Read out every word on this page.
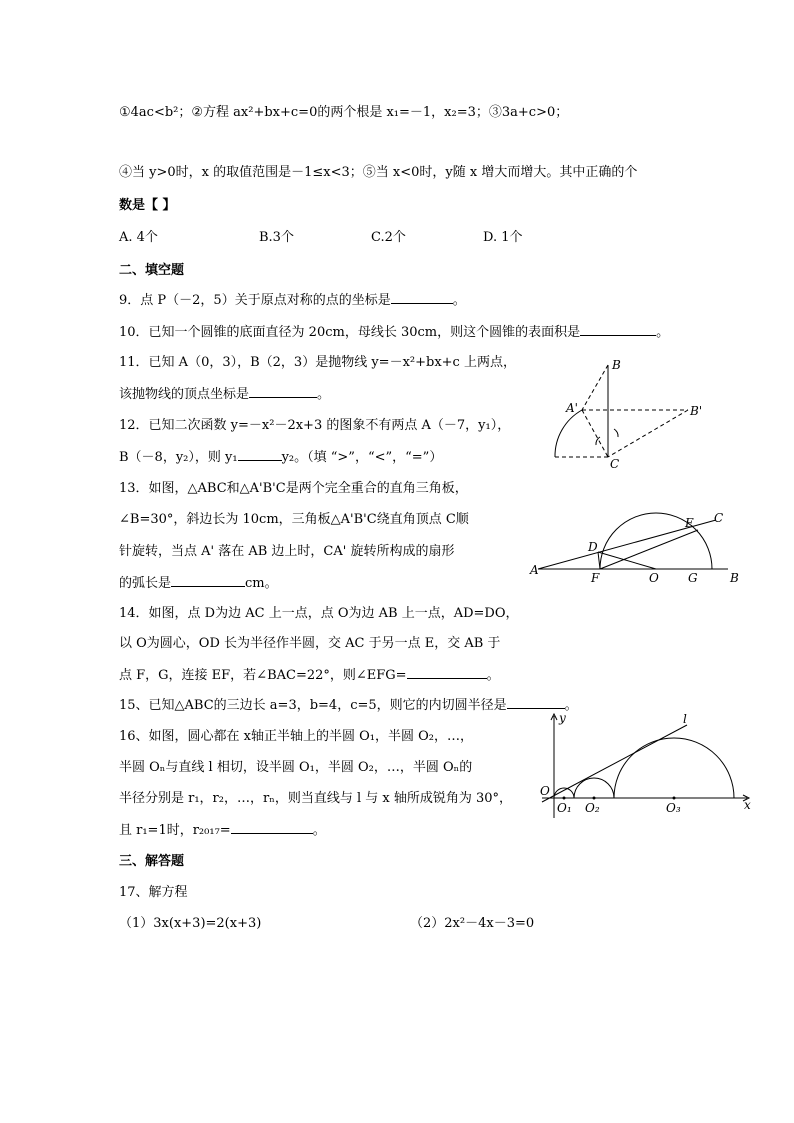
①4ac<b²；②方程 ax²+bx+c=0的两个根是 x₁=－1，x₂=3；③3a+c>0；
④当 y>0时，x 的取值范围是－1≤x<3；⑤当 x<0时，y随 x 增大而增大。其中正确的个
数是【 】
A. 4个	B.3个	C.2个	D. 1个
二、填空题
9．点 P（－2，5）关于原点对称的点的坐标是	。
10．已知一个圆锥的底面直径为 20cm，母线长 30cm，则这个圆锥的表面积是	。
11．已知 A（0，3），B（2，3）是抛物线 y=－x²+bx+c 上两点，
该抛物线的顶点坐标是	。
12．已知二次函数 y=－x²－2x+3 的图象不有两点 A（－7，y₁），
B（－8，y₂），则 y₁	y₂。（填 “>”，“<”，“=”）
13．如图，△ABC和△A'B'C是两个完全重合的直角三角板，
∠B=30°，斜边长为 10cm，三角板△A'B'C绕直角顶点 C顺
针旋转，当点 A' 落在 AB 边上时，CA' 旋转所构成的扇形
的弧长是	cm。
14．如图，点 D为边 AC 上一点，点 O为边 AB 上一点，AD=DO，
以 O为圆心，OD 长为半径作半圆，交 AC 于另一点 E，交 AB 于
点 F，G，连接 EF，若∠BAC=22°，则∠EFG=	。
15、已知△ABC的三边长 a=3，b=4，c=5，则它的内切圆半径是	。
16、如图，圆心都在 x轴正半轴上的半圆 O₁，半圆 O₂，…，
半圆 Oₙ与直线 l 相切，设半圆 O₁，半圆 O₂，…，半圆 Oₙ的
半径分别是 r₁，r₂，…，rₙ，则当直线与 l 与 x 轴所成锐角为 30°，
且 r₁=1时，r₂₀₁₇=	。
三、解答题
17、解方程
（1）3x(x+3)=2(x+3)	（2）2x²－4x－3=0
B
A'	B'
C
A
B
C
D
E
F	O G
y
x
l
O
O₁ O₂	O₃
